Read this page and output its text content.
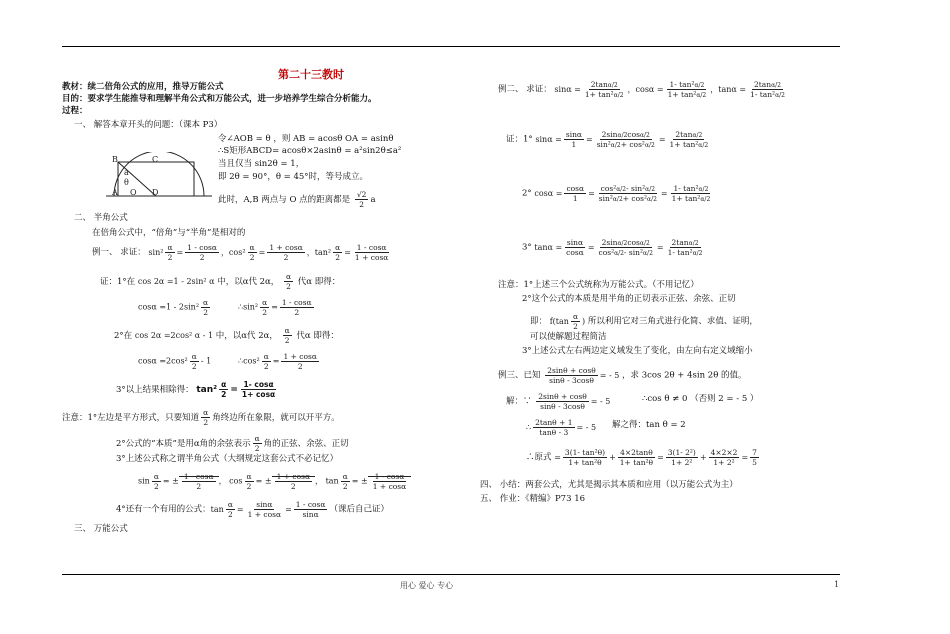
第二十三教时
教材：续二倍角公式的应用，推导万能公式
目的：要求学生能推导和理解半角公式和万能公式，进一步培养学生综合分析能力。
过程：
一、 解答本章开头的问题：（课本 P3）
B	C
a
θ
A O D
令∠AOB = θ ，则 AB = acosθ OA = asinθ
∴S矩形ABCD= acosθ×2asinθ = a²sin2θ≤a²
当且仅当 sin2θ = 1，
即 2θ = 90°，θ = 45°时，等号成立。
此时，A,B 两点与 O 点的距离都是 $\frac{√2}{2}$ a
二、 半角公式
在倍角公式中，“倍角”与“半角”是相对的
例一、 求证： $\sin^2 \frac{\alpha}{2} = \frac{1 - \cos\alpha}{2}$ ，$\cos^2 \frac{\alpha}{2} = \frac{1 + \cos\alpha}{2}$ ，$\tan^2 \frac{\alpha}{2} = \frac{1 - \cos\alpha}{1 + \cos\alpha}$
证：1°在 cos 2α =1 - 2sin² α 中，以α代 2α， $\frac{\alpha}{2}$ 代α 即得：
$\cos\alpha =1 - 2\sin^2 \frac{\alpha}{2}$	∴sin² $\frac{\alpha}{2} = \frac{1 - \cos\alpha}{2}$
2°在 cos 2α =2cos² α - 1 中，以α代 2α， $\frac{\alpha}{2}$ 代α 即得：
$\cos\alpha =2\cos^2 \frac{\alpha}{2} - 1$	∴cos² $\frac{\alpha}{2} = \frac{1 + \cos\alpha}{2}$
3°以上结果相除得： $\tan^2 \frac{\alpha}{2} = \frac{1- \cos\alpha}{1+ \cos\alpha}$
注意：1°左边是平方形式，只要知道 $\frac{\alpha}{2}$ 角终边所在象限，就可以开平方。
2°公式的“本质”是用α角的余弦表示 $\frac{\alpha}{2}$ 角的正弦、余弦、正切
3°上述公式称之谓半角公式（大纲规定这套公式不必记忆）
$\sin \frac{\alpha}{2}$ = ± $\frac{1 - \cos\alpha}{2}$ ， $\cos \frac{\alpha}{2}$ = ± $\frac{1 + \cos\alpha}{2}$ ， $\tan \frac{\alpha}{2}$ = ± $\frac{1 - \cos\alpha}{1 + \cos\alpha}$
4°还有一个有用的公式：$\tan \frac{\alpha}{2} = \frac{\sin\alpha}{1 + \cos\alpha} = \frac{1 - \cos\alpha}{\sin\alpha}$ （课后自己证）
三、 万能公式
例二、 求证： $\sin\alpha = \frac{2\tan\alpha/2}{\text{1+ tan²α/2}}$ ，$\cos\alpha = \frac{\text{1- tan²α/2}}{\text{1+ tan²α/2}}$ ，$\tan\alpha = \frac{2\tan\alpha/2}{\text{1- tan²α/2}}$
证：1° $\sin\alpha = \frac{\sin\alpha}{1} = \frac{2\sin\alpha/2\cos\alpha/2}{\text{sin²α/2+ cos²α/2}} = \frac{2\tan\alpha/2}{\text{1+ tan²α/2}}$
2° $\cos\alpha = \frac{\cos\alpha}{1} = \frac{\text{cos²α/2- sin²α/2}}{\text{sin²α/2+ cos²α/2}} = \frac{\text{1- tan²α/2}}{\text{1+ tan²α/2}}$
3° $\tan\alpha = \frac{\sin\alpha}{\cos\alpha} = \frac{2\sin\alpha/2\cos\alpha/2}{\text{cos²α/2- sin²α/2}} = \frac{2\tan\alpha/2}{\text{1- tan²α/2}}$
注意：1°上述三个公式统称为万能公式。（不用记忆）
2°这个公式的本质是用半角的正切表示正弦、余弦、正切
即： $f(\tan \frac{\alpha}{2}$ ) 所以利用它对三角式进行化简、求值、证明，
可以使解题过程简洁
3°上述公式左右两边定义域发生了变化，由左向右定义域缩小
例三、已知 $\frac{2\sin\theta + \cos\theta}{\sin\theta - 3\cos\theta}$ = - 5 ，求 3cos 2θ + 4sin 2θ 的值。
解：∵ $\frac{2\sin\theta + \cos\theta}{\sin\theta - 3\cos\theta}$ = - 5	∴cos θ ≠ 0 （否则 2 = - 5 ）
∴ $\frac{2\tan\theta + 1}{\tan\theta - 3}$ = - 5 解之得：tan θ = 2
∴原式 = $\frac{\text{3(1- tan²θ)}}{\text{1+ tan²θ}} + \frac{4\times 2\tan\theta}{\text{1+ tan²θ}} = \frac{\text{3(1- 2²)}}{\text{1+ 2²}} + \frac{4\times 2\times 2}{\text{1+ 2²}} = \frac{7}{5}$
四、 小结：两套公式，尤其是揭示其本质和应用（以万能公式为主）
五、 作业：《精编》P73 16
用心 爱心 专心	1
